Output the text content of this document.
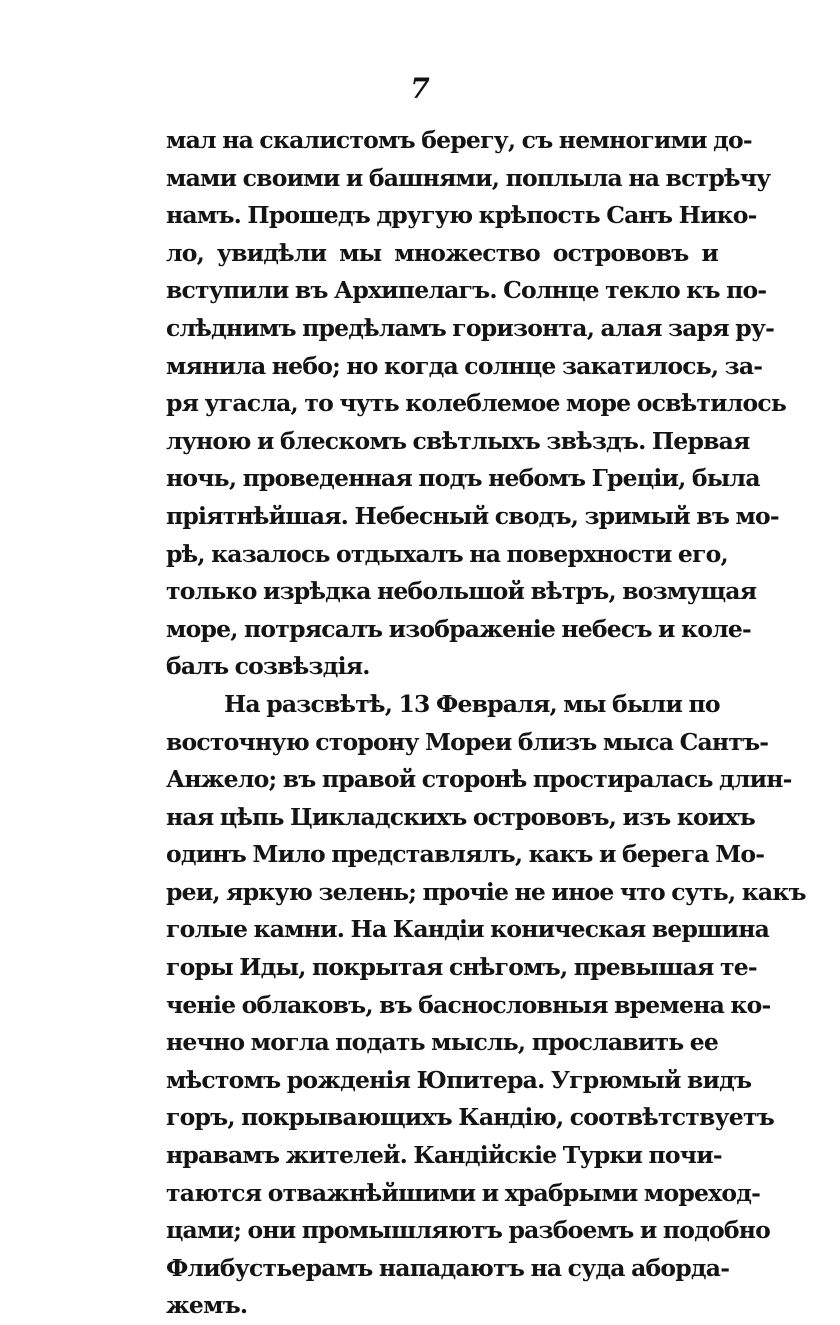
7
мал на скалистомъ берегу, съ немногими до-
мами своими и башнями, поплыла на встрѣчу
намъ. Прошедъ другую крѣпость Санъ Нико-
ло, увидѣли мы множество острововъ и
вступили въ Архипелагъ. Солнце текло къ по-
слѣднимъ предѣламъ горизонта, алая заря ру-
мянила небо; но когда солнце закатилось, за-
ря угасла, то чуть колеблемое море освѣтилось
луною и блескомъ свѣтлыхъ звѣздъ. Первая
ночь, проведенная подъ небомъ Греціи, была
пріятнѣйшая. Небесный сводъ, зримый въ мо-
рѣ, казалось отдыхалъ на поверхности его,
только изрѣдка небольшой вѣтръ, возмущая
море, потрясалъ изображеніе небесъ и коле-
балъ созвѣздія.
На разсвѣтѣ, 13 Февраля, мы были по
восточную сторону Мореи близъ мыса Сантъ-
Анжело; въ правой сторонѣ простиралась длин-
ная цѣпь Цикладскихъ острововъ, изъ коихъ
одинъ Мило представлялъ, какъ и берега Мо-
реи, яркую зелень; прочіе не иное что суть, какъ
голые камни. На Кандіи коническая вершина
горы Иды, покрытая снѣгомъ, превышая те-
ченіе облаковъ, въ баснословныя времена ко-
нечно могла подать мысль, прославить ее
мѣстомъ рожденія Юпитера. Угрюмый видъ
горъ, покрывающихъ Кандію, соотвѣтствуетъ
нравамъ жителей. Кандійскіе Турки почи-
таются отважнѣйшими и храбрыми мореход-
цами; они промышляютъ разбоемъ и подобно
Флибустьерамъ нападаютъ на суда аборда-
жемъ.
